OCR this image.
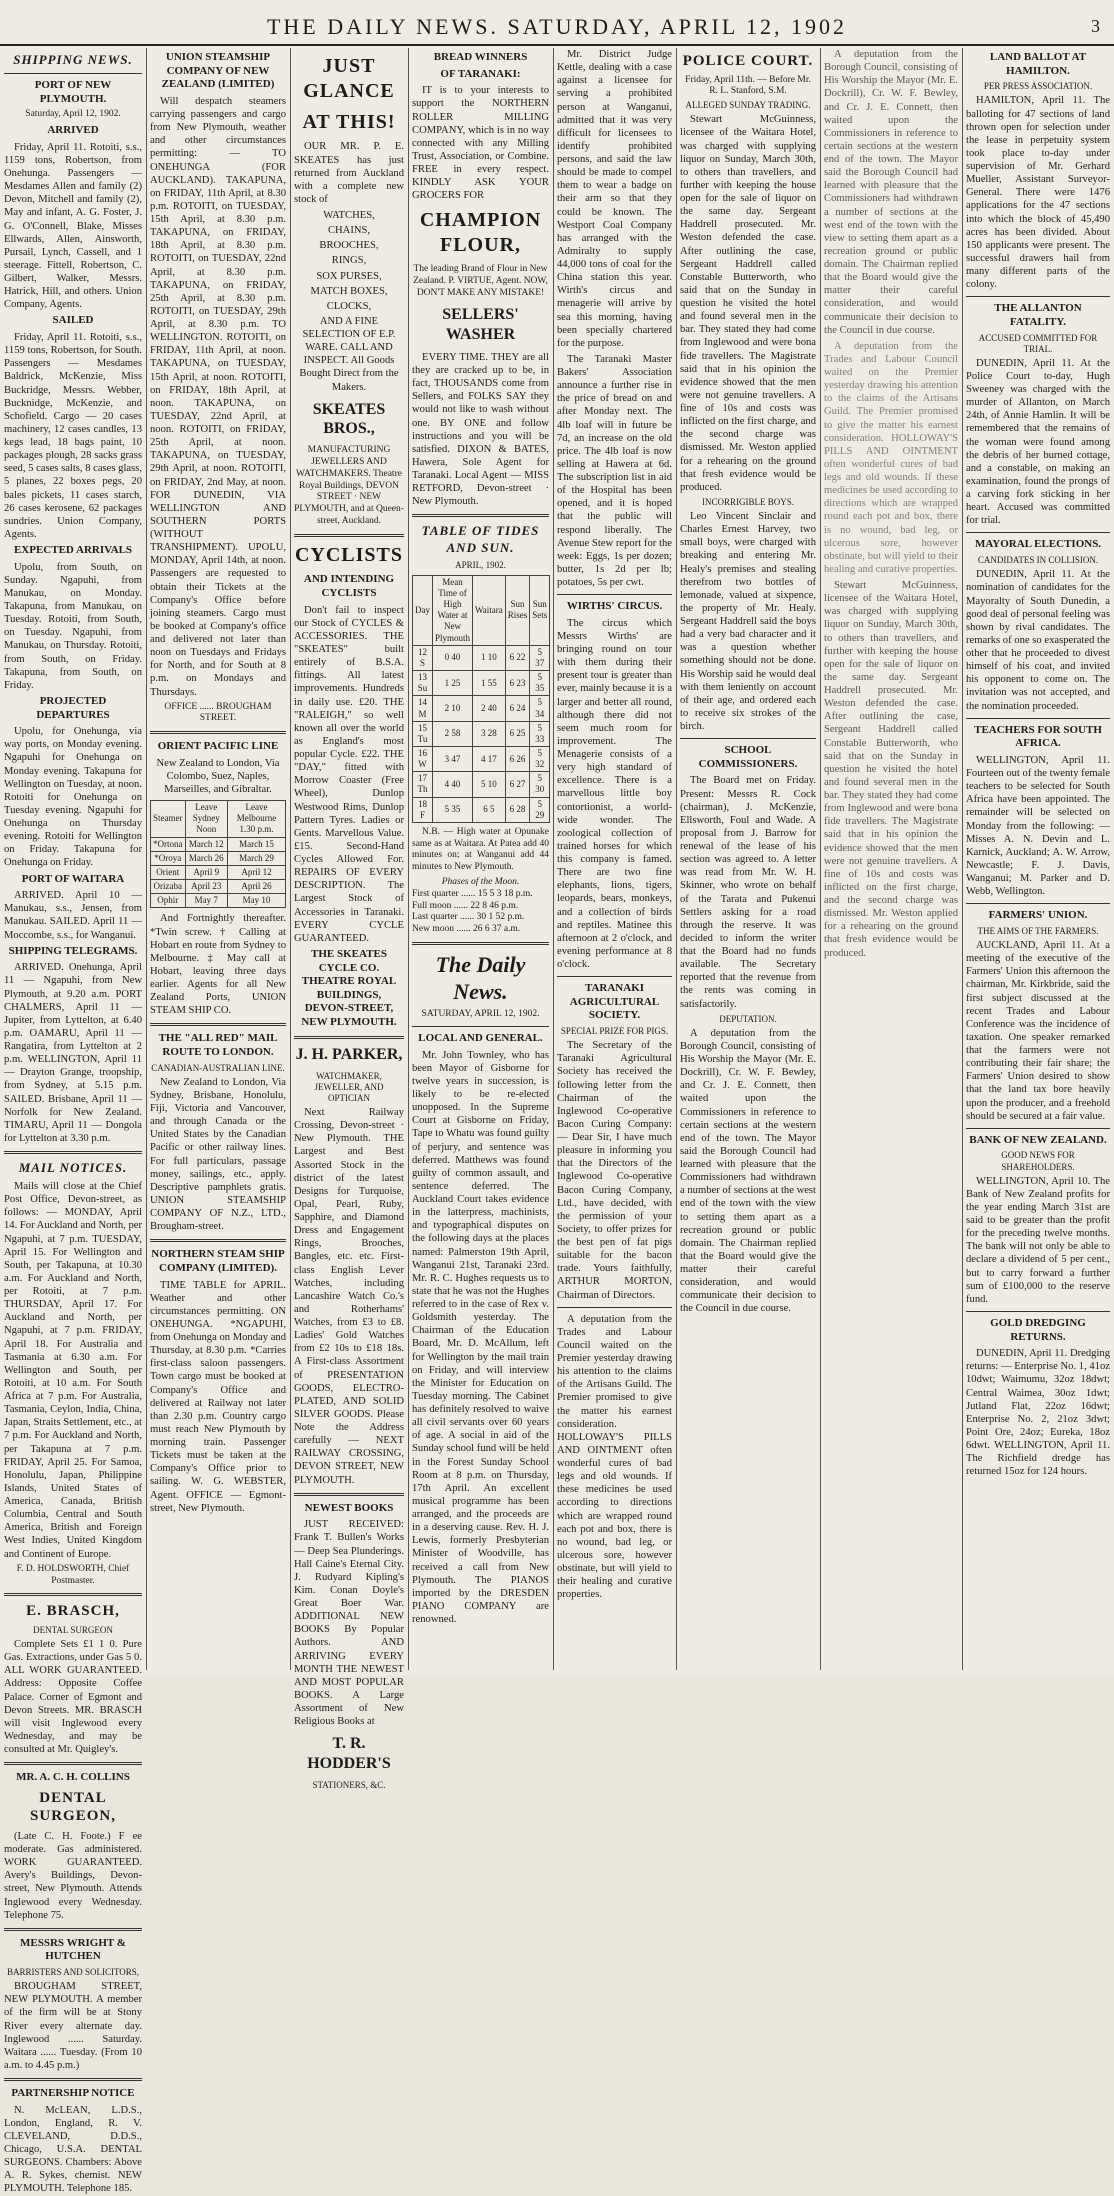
THE DAILY NEWS. SATURDAY, APRIL 12, 1902	3
SHIPPING NEWS.
PORT OF NEW PLYMOUTH.
Saturday, April 12, 1902.
ARRIVED

Friday, April 11. Rotoiti, s.s., 1159 tons, Robertson, from Onehunga. Passengers — Mesdames Allen and family (2) Devon, Mitchell and family (2), May and infant, A. G. Foster, J. G. O'Connell, Blake, Misses Ellwards, Allen, Ainsworth, Pursail, Lynch, Cassell, and 1 steerage. Fittell, Robertson, C. Gilbert, Walker, Messrs. Hatrick, Hill, and others. Union Company, Agents.

SAILED

Friday, April 11. Rotoiti, s.s., 1159 tons, Robertson, for South. Passengers — Mesdames Baldrick, McKenzie, Miss Buckridge, Messrs. Webber, Bucknidge, McKenzie, and Schofield. Cargo — 20 cases machinery, 12 cases candles, 13 kegs lead, 18 bags paint, 10 packages plough, 28 sacks grass seed, 5 cases salts, 8 cases glass, 5 planes, 22 boxes pegs, 20 bales pickets, 11 cases starch, 26 cases kerosene, 62 packages sundries. Union Company, Agents.

EXPECTED ARRIVALS

Upolu, from South, on Sunday. Ngapuhi, from Manukau, on Monday. Takapuna, from Manukau, on Tuesday. Rotoiti, from South, on Tuesday. Ngapuhi, from Manukau, on Thursday. Rotoiti, from South, on Friday. Takapuna, from South, on Friday.

PROJECTED DEPARTURES

Upolu, for Onehunga, via way ports, on Monday evening. Ngapuhi for Onehunga on Monday evening. Takapuna for Wellington on Tuesday, at noon. Rotoiti for Onehunga on Tuesday evening. Ngapuhi for Onehunga on Thursday evening. Rotoiti for Wellington on Friday. Takapuna for Onehunga on Friday.

PORT OF WAITARA

ARRIVED. April 10 — Manukau, s.s., Jensen, from Manukau. SAILED. April 11 — Moccombe, s.s., for Wanganui.

SHIPPING TELEGRAMS.

ARRIVED. Onehunga, April 11 — Ngapuhi, from New Plymouth, at 9.20 a.m. PORT CHALMERS, April 11 — Jupiter, from Lyttelton, at 6.40 p.m. OAMARU, April 11 — Rangatira, from Lyttelton at 2 p.m. WELLINGTON, April 11 — Drayton Grange, troopship, from Sydney, at 5.15 p.m. SAILED. Brisbane, April 11 — Norfolk for New Zealand. TIMARU, April 11 — Dongola for Lyttelton at 3.30 p.m.

MAIL NOTICES.

Mails will close at the Chief Post Office, Devon-street, as follows: — MONDAY, April 14. For Auckland and North, per Ngapuhi, at 7 p.m. TUESDAY, April 15. For Wellington and South, per Takapuna, at 10.30 a.m. For Auckland and North, per Rotoiti, at 7 p.m. THURSDAY, April 17. For Auckland and North, per Ngapuhi, at 7 p.m. FRIDAY, April 18. For Australia and Tasmania at 6.30 a.m. For Wellington and South, per Rotoiti, at 10 a.m. For South Africa at 7 p.m. For Australia, Tasmania, Ceylon, India, China, Japan, Straits Settlement, etc., at 7 p.m. For Auckland and North, per Takapuna at 7 p.m. FRIDAY, April 25. For Samoa, Honolulu, Japan, Philippine Islands, United States of America, Canada, British Columbia, Central and South America, British and Foreign West Indies, United Kingdom and Continent of Europe.

F. D. HOLDSWORTH, Chief Postmaster.
E. BRASCH,
DENTAL SURGEON

Complete Sets £1 1 0. Pure Gas. Extractions, under Gas 5 0. ALL WORK GUARANTEED. Address: Opposite Coffee Palace. Corner of Egmont and Devon Streets. MR. BRASCH will visit Inglewood every Wednesday, and may be consulted at Mr. Quigley's.

MR. A. C. H. COLLINS
DENTAL SURGEON,

(Late C. H. Foote.) F ee moderate. Gas administered. WORK GUARANTEED. Avery's Buildings, Devon-street, New Plymouth. Attends Inglewood every Wednesday. Telephone 75.

MESSRS WRIGHT & HUTCHEN
BARRISTERS AND SOLICITORS,

BROUGHAM STREET, NEW PLYMOUTH. A member of the firm will be at Stony River every alternate day. Inglewood ...... Saturday. Waitara ...... Tuesday. (From 10 a.m. to 4.45 p.m.)

PARTNERSHIP NOTICE

N. McLEAN, L.D.S., London, England, R. V. CLEVELAND, D.D.S., Chicago, U.S.A. DENTAL SURGEONS. Chambers: Above A. R. Sykes, chemist. NEW PLYMOUTH. Telephone 185.

UNION STEAMSHIP COMPANY OF NEW ZEALAND (LIMITED)

Will despatch steamers carrying passengers and cargo from New Plymouth, weather and other circumstances permitting: — TO ONEHUNGA (FOR AUCKLAND). TAKAPUNA, on FRIDAY, 11th April, at 8.30 p.m. ROTOITI, on TUESDAY, 15th April, at 8.30 p.m. TAKAPUNA, on FRIDAY, 18th April, at 8.30 p.m. ROTOITI, on TUESDAY, 22nd April, at 8.30 p.m. TAKAPUNA, on FRIDAY, 25th April, at 8.30 p.m. ROTOITI, on TUESDAY, 29th April, at 8.30 p.m. TO WELLINGTON. ROTOITI, on FRIDAY, 11th April, at noon. TAKAPUNA, on TUESDAY, 15th April, at noon. ROTOITI, on FRIDAY, 18th April, at noon. TAKAPUNA, on TUESDAY, 22nd April, at noon. ROTOITI, on FRIDAY, 25th April, at noon. TAKAPUNA, on TUESDAY, 29th April, at noon. ROTOITI, on FRIDAY, 2nd May, at noon. FOR DUNEDIN, VIA WELLINGTON AND SOUTHERN PORTS (WITHOUT TRANSHIPMENT). UPOLU, MONDAY, April 14th, at noon. Passengers are requested to obtain their Tickets at the Company's Office before joining steamers. Cargo must be booked at Company's office and delivered not later than noon on Tuesdays and Fridays for North, and for South at 8 p.m. on Mondays and Thursdays.

OFFICE ...... BROUGHAM STREET.
ORIENT PACIFIC LINE

New Zealand to London, Via Colombo, Suez, Naples, Marseilles, and Gibraltar.

Steamer	Leave Sydney Noon	Leave Melbourne 1.30 p.m.
*Ortona	March 12	March 15
*Oroya	March 26	March 29
Orient	April 9	April 12
Orizaba	April 23	April 26
Ophir	May 7	May 10

And Fortnightly thereafter. *Twin screw. † Calling at Hobart en route from Sydney to Melbourne. ‡ May call at Hobart, leaving three days earlier. Agents for all New Zealand Ports, UNION STEAM SHIP CO.

THE "ALL RED" MAIL ROUTE TO LONDON.
CANADIAN-AUSTRALIAN LINE.

New Zealand to London, Via Sydney, Brisbane, Honolulu, Fiji, Victoria and Vancouver, and through Canada or the United States by the Canadian Pacific or other railway lines. For full particulars, passage money, sailings, etc., apply. Descriptive pamphlets gratis. UNION STEAMSHIP COMPANY OF N.Z., LTD., Brougham-street.

NORTHERN STEAM SHIP COMPANY (LIMITED).

TIME TABLE for APRIL. Weather and other circumstances permitting. ON ONEHUNGA. *NGAPUHI, from Onehunga on Monday and Thursday, at 8.30 p.m. *Carries first-class saloon passengers. Town cargo must be booked at Company's Office and delivered at Railway not later than 2.30 p.m. Country cargo must reach New Plymouth by morning train. Passenger Tickets must be taken at the Company's Office prior to sailing. W. G. WEBSTER, Agent. OFFICE — Egmont-street, New Plymouth.

JUST GLANCE
AT THIS!

OUR MR. P. E. SKEATES has just returned from Auckland with a complete new stock of

WATCHES,
CHAINS,
BROOCHES,
RINGS,
SOX PURSES,
MATCH BOXES,
CLOCKS,

AND A FINE SELECTION OF E.P. WARE. CALL AND INSPECT. All Goods Bought Direct from the Makers.

SKEATES BROS.,

MANUFACTURING JEWELLERS AND WATCHMAKERS. Theatre Royal Buildings, DEVON STREET · NEW PLYMOUTH, and at Queen-street, Auckland.

CYCLISTS
AND INTENDING CYCLISTS

Don't fail to inspect our Stock of CYCLES & ACCESSORIES. THE "SKEATES" built entirely of B.S.A. fittings. All latest improvements. Hundreds in daily use. £20. THE "RALEIGH," so well known all over the world as England's most popular Cycle. £22. THE "DAY," fitted with Morrow Coaster (Free Wheel), Dunlop Westwood Rims, Dunlop Pattern Tyres. Ladies or Gents. Marvellous Value. £15. Second-Hand Cycles Allowed For. REPAIRS OF EVERY DESCRIPTION. The Largest Stock of Accessories in Taranaki. EVERY CYCLE GUARANTEED.

THE SKEATES CYCLE CO. THEATRE ROYAL BUILDINGS, DEVON-STREET, NEW PLYMOUTH.
J. H. PARKER,
WATCHMAKER, JEWELLER, AND OPTICIAN

Next Railway Crossing, Devon-street · New Plymouth. THE Largest and Best Assorted Stock in the district of the latest Designs for Turquoise, Opal, Pearl, Ruby, Sapphire, and Diamond Dress and Engagement Rings, Brooches, Bangles, etc. etc. First-class English Lever Watches, including Lancashire Watch Co.'s and Rotherhams' Watches, from £3 to £8. Ladies' Gold Watches from £2 10s to £18 18s. A First-class Assortment of PRESENTATION GOODS, ELECTRO-PLATED, AND SOLID SILVER GOODS. Please Note the Address carefully — NEXT RAILWAY CROSSING, DEVON STREET, NEW PLYMOUTH.

NEWEST BOOKS

JUST RECEIVED: Frank T. Bullen's Works — Deep Sea Plunderings. Hall Caine's Eternal City. J. Rudyard Kipling's Kim. Conan Doyle's Great Boer War. ADDITIONAL NEW BOOKS By Popular Authors. AND ARRIVING EVERY MONTH THE NEWEST AND MOST POPULAR BOOKS. A Large Assortment of New Religious Books at

T. R. HODDER'S
STATIONERS, &C.
BREAD WINNERS
OF TARANAKI:

IT is to your interests to support the NORTHERN ROLLER MILLING COMPANY, which is in no way connected with any Milling Trust, Association, or Combine. FREE in every respect. KINDLY ASK YOUR GROCERS FOR

CHAMPION FLOUR,

The leading Brand of Flour in New Zealand. P. VIRTUE, Agent. NOW, DON'T MAKE ANY MISTAKE!

SELLERS' WASHER

EVERY TIME. THEY are all they are cracked up to be, in fact, THOUSANDS come from Sellers, and FOLKS SAY they would not like to wash without one. BY ONE and follow instructions and you will be satisfied. DIXON & BATES, Hawera, Sole Agent for Taranaki. Local Agent — MISS RETFORD, Devon-street · New Plymouth.

TABLE OF TIDES AND SUN.
APRIL, 1902.
Day	Mean Time of High Water at New Plymouth	Waitara	Sun Rises	Sun Sets
12 S	0 40	1 10	6 22	5 37
13 Su	1 25	1 55	6 23	5 35
14 M	2 10	2 40	6 24	5 34
15 Tu	2 58	3 28	6 25	5 33
16 W	3 47	4 17	6 26	5 32
17 Th	4 40	5 10	6 27	5 30
18 F	5 35	6 5	6 28	5 29

N.B. — High water at Opunake same as at Waitara. At Patea add 40 minutes on; at Wanganui add 44 minutes to New Plymouth.

Phases of the Moon.
First quarter ...... 15 5 3 18 p.m.
Full moon ...... 22 8 46 p.m.
Last quarter ...... 30 1 52 p.m.
New moon ...... 26 6 37 a.m.
The Daily News.
SATURDAY, APRIL 12, 1902.
LOCAL AND GENERAL.

Mr. John Townley, who has been Mayor of Gisborne for twelve years in succession, is likely to be re-elected unopposed. In the Supreme Court at Gisborne on Friday, Tape to Whatu was found guilty of perjury, and sentence was deferred. Matthews was found guilty of common assault, and sentence deferred. The Auckland Court takes evidence in the latterpress, machinists, and typographical disputes on the following days at the places named: Palmerston 19th April, Wanganui 21st, Taranaki 23rd. Mr. R. C. Hughes requests us to state that he was not the Hughes referred to in the case of Rex v. Goldsmith yesterday. The Chairman of the Education Board, Mr. D. McAllum, left for Wellington by the mail train on Friday, and will interview the Minister for Education on Tuesday morning. The Cabinet has definitely resolved to waive all civil servants over 60 years of age. A social in aid of the Sunday school fund will be held in the Forest Sunday School Room at 8 p.m. on Thursday, 17th April. An excellent musical programme has been arranged, and the proceeds are in a deserving cause. Rev. H. J. Lewis, formerly Presbyterian Minister of Woodville, has received a call from New Plymouth. The PIANOS imported by the DRESDEN PIANO COMPANY are renowned.

Mr. District Judge Kettle, dealing with a case against a licensee for serving a prohibited person at Wanganui, admitted that it was very difficult for licensees to identify prohibited persons, and said the law should be made to compel them to wear a badge on their arm so that they could be known. The Westport Coal Company has arranged with the Admiralty to supply 44,000 tons of coal for the China station this year. Wirth's circus and menagerie will arrive by sea this morning, having been specially chartered for the purpose.

The Taranaki Master Bakers' Association announce a further rise in the price of bread on and after Monday next. The 4lb loaf will in future be 7d, an increase on the old price. The 4lb loaf is now selling at Hawera at 6d. The subscription list in aid of the Hospital has been opened, and it is hoped that the public will respond liberally. The Avenue Stew report for the week: Eggs, 1s per dozen; butter, 1s 2d per lb; potatoes, 5s per cwt.

WIRTHS' CIRCUS.

The circus which Messrs Wirths' are bringing round on tour with them during their present tour is greater than ever, mainly because it is a larger and better all round, although there did not seem much room for improvement. The Menagerie consists of a very high standard of excellence. There is a marvellous little boy contortionist, a world-wide wonder. The zoological collection of trained horses for which this company is famed. There are two fine elephants, lions, tigers, leopards, bears, monkeys, and a collection of birds and reptiles. Matinee this afternoon at 2 o'clock, and evening performance at 8 o'clock.

TARANAKI AGRICULTURAL SOCIETY.
SPECIAL PRIZE FOR PIGS.

The Secretary of the Taranaki Agricultural Society has received the following letter from the Chairman of the Inglewood Co-operative Bacon Curing Company: — Dear Sir, I have much pleasure in informing you that the Directors of the Inglewood Co-operative Bacon Curing Company, Ltd., have decided, with the permission of your Society, to offer prizes for the best pen of fat pigs suitable for the bacon trade. Yours faithfully, ARTHUR MORTON, Chairman of Directors.

A deputation from the Trades and Labour Council waited on the Premier yesterday drawing his attention to the claims of the Artisans Guild. The Premier promised to give the matter his earnest consideration. HOLLOWAY'S PILLS AND OINTMENT often wonderful cures of bad legs and old wounds. If these medicines be used according to directions which are wrapped round each pot and box, there is no wound, bad leg, or ulcerous sore, however obstinate, but will yield to their healing and curative properties.

POLICE COURT.
Friday, April 11th. — Before Mr. R. L. Stanford, S.M.
ALLEGED SUNDAY TRADING.

Stewart McGuinness, licensee of the Waitara Hotel, was charged with supplying liquor on Sunday, March 30th, to others than travellers, and further with keeping the house open for the sale of liquor on the same day. Sergeant Haddrell prosecuted. Mr. Weston defended the case. After outlining the case, Sergeant Haddrell called Constable Butterworth, who said that on the Sunday in question he visited the hotel and found several men in the bar. They stated they had come from Inglewood and were bona fide travellers. The Magistrate said that in his opinion the evidence showed that the men were not genuine travellers. A fine of 10s and costs was inflicted on the first charge, and the second charge was dismissed. Mr. Weston applied for a rehearing on the ground that fresh evidence would be produced.

INCORRIGIBLE BOYS.

Leo Vincent Sinclair and Charles Ernest Harvey, two small boys, were charged with breaking and entering Mr. Healy's premises and stealing therefrom two bottles of lemonade, valued at sixpence, the property of Mr. Healy. Sergeant Haddrell said the boys had a very bad character and it was a question whether something should not be done. His Worship said he would deal with them leniently on account of their age, and ordered each to receive six strokes of the birch.

SCHOOL COMMISSIONERS.

The Board met on Friday. Present: Messrs R. Cock (chairman), J. McKenzie, Ellsworth, Foul and Wade. A proposal from J. Barrow for renewal of the lease of his section was agreed to. A letter was read from Mr. W. H. Skinner, who wrote on behalf of the Tarata and Pukenui Settlers asking for a road through the reserve. It was decided to inform the writer that the Board had no funds available. The Secretary reported that the revenue from the rents was coming in satisfactorily.

DEPUTATION.

A deputation from the Borough Council, consisting of His Worship the Mayor (Mr. E. Dockrill), Cr. W. F. Bewley, and Cr. J. E. Connett, then waited upon the Commissioners in reference to certain sections at the western end of the town. The Mayor said the Borough Council had learned with pleasure that the Commissioners had withdrawn a number of sections at the west end of the town with the view to setting them apart as a recreation ground or public domain. The Chairman replied that the Board would give the matter their careful consideration, and would communicate their decision to the Council in due course.

LAND BALLOT AT HAMILTON.
PER PRESS ASSOCIATION.

HAMILTON, April 11. The balloting for 47 sections of land thrown open for selection under the lease in perpetuity system took place to-day under supervision of Mr. Gerhard Mueller, Assistant Surveyor-General. There were 1476 applications for the 47 sections into which the block of 45,490 acres has been divided. About 150 applicants were present. The successful drawers hail from many different parts of the colony.

THE ALLANTON FATALITY.
ACCUSED COMMITTED FOR TRIAL.

DUNEDIN, April 11. At the Police Court to-day, Hugh Sweeney was charged with the murder of Allanton, on March 24th, of Annie Hamlin. It will be remembered that the remains of the woman were found among the debris of her burned cottage, and a constable, on making an examination, found the prongs of a carving fork sticking in her heart. Accused was committed for trial.

MAYORAL ELECTIONS.
CANDIDATES IN COLLISION.

DUNEDIN, April 11. At the nomination of candidates for the Mayoralty of South Dunedin, a good deal of personal feeling was shown by rival candidates. The remarks of one so exasperated the other that he proceeded to divest himself of his coat, and invited his opponent to come on. The invitation was not accepted, and the nomination proceeded.

TEACHERS FOR SOUTH AFRICA.

WELLINGTON, April 11. Fourteen out of the twenty female teachers to be selected for South Africa have been appointed. The remainder will be selected on Monday from the following: — Misses A. N. Devin and L. Karnick, Auckland; A. W. Arrow, Newcastle; F. J. Davis, Wanganui; M. Parker and D. Webb, Wellington.

FARMERS' UNION.
THE AIMS OF THE FARMERS.

AUCKLAND, April 11. At a meeting of the executive of the Farmers' Union this afternoon the chairman, Mr. Kirkbride, said the first subject discussed at the recent Trades and Labour Conference was the incidence of taxation. One speaker remarked that the farmers were not contributing their fair share; the Farmers' Union desired to show that the land tax bore heavily upon the producer, and a freehold should be secured at a fair value.

BANK OF NEW ZEALAND.
GOOD NEWS FOR SHAREHOLDERS.

WELLINGTON, April 10. The Bank of New Zealand profits for the year ending March 31st are said to be greater than the profit for the preceding twelve months. The bank will not only be able to declare a dividend of 5 per cent., but to carry forward a further sum of £100,000 to the reserve fund.

GOLD DREDGING RETURNS.

DUNEDIN, April 11. Dredging returns: — Enterprise No. 1, 41oz 10dwt; Waimumu, 32oz 18dwt; Central Waimea, 30oz 1dwt; Jutland Flat, 22oz 16dwt; Enterprise No. 2, 21oz 3dwt; Point Ore, 24oz; Eureka, 18oz 6dwt. WELLINGTON, April 11. The Richfield dredge has returned 15oz for 124 hours.

A deputation from the Borough Council, consisting of His Worship the Mayor (Mr. E. Dockrill), Cr. W. F. Bewley, and Cr. J. E. Connett, then waited upon the Commissioners in reference to certain sections at the western end of the town. The Mayor said the Borough Council had learned with pleasure that the Commissioners had withdrawn a number of sections at the west end of the town with the view to setting them apart as a recreation ground or public domain. The Chairman replied that the Board would give the matter their careful consideration, and would communicate their decision to the Council in due course.

A deputation from the Trades and Labour Council waited on the Premier yesterday drawing his attention to the claims of the Artisans Guild. The Premier promised to give the matter his earnest consideration. HOLLOWAY'S PILLS AND OINTMENT often wonderful cures of bad legs and old wounds. If these medicines be used according to directions which are wrapped round each pot and box, there is no wound, bad leg, or ulcerous sore, however obstinate, but will yield to their healing and curative properties.

Stewart McGuinness, licensee of the Waitara Hotel, was charged with supplying liquor on Sunday, March 30th, to others than travellers, and further with keeping the house open for the sale of liquor on the same day. Sergeant Haddrell prosecuted. Mr. Weston defended the case. After outlining the case, Sergeant Haddrell called Constable Butterworth, who said that on the Sunday in question he visited the hotel and found several men in the bar. They stated they had come from Inglewood and were bona fide travellers. The Magistrate said that in his opinion the evidence showed that the men were not genuine travellers. A fine of 10s and costs was inflicted on the first charge, and the second charge was dismissed. Mr. Weston applied for a rehearing on the ground that fresh evidence would be produced.
